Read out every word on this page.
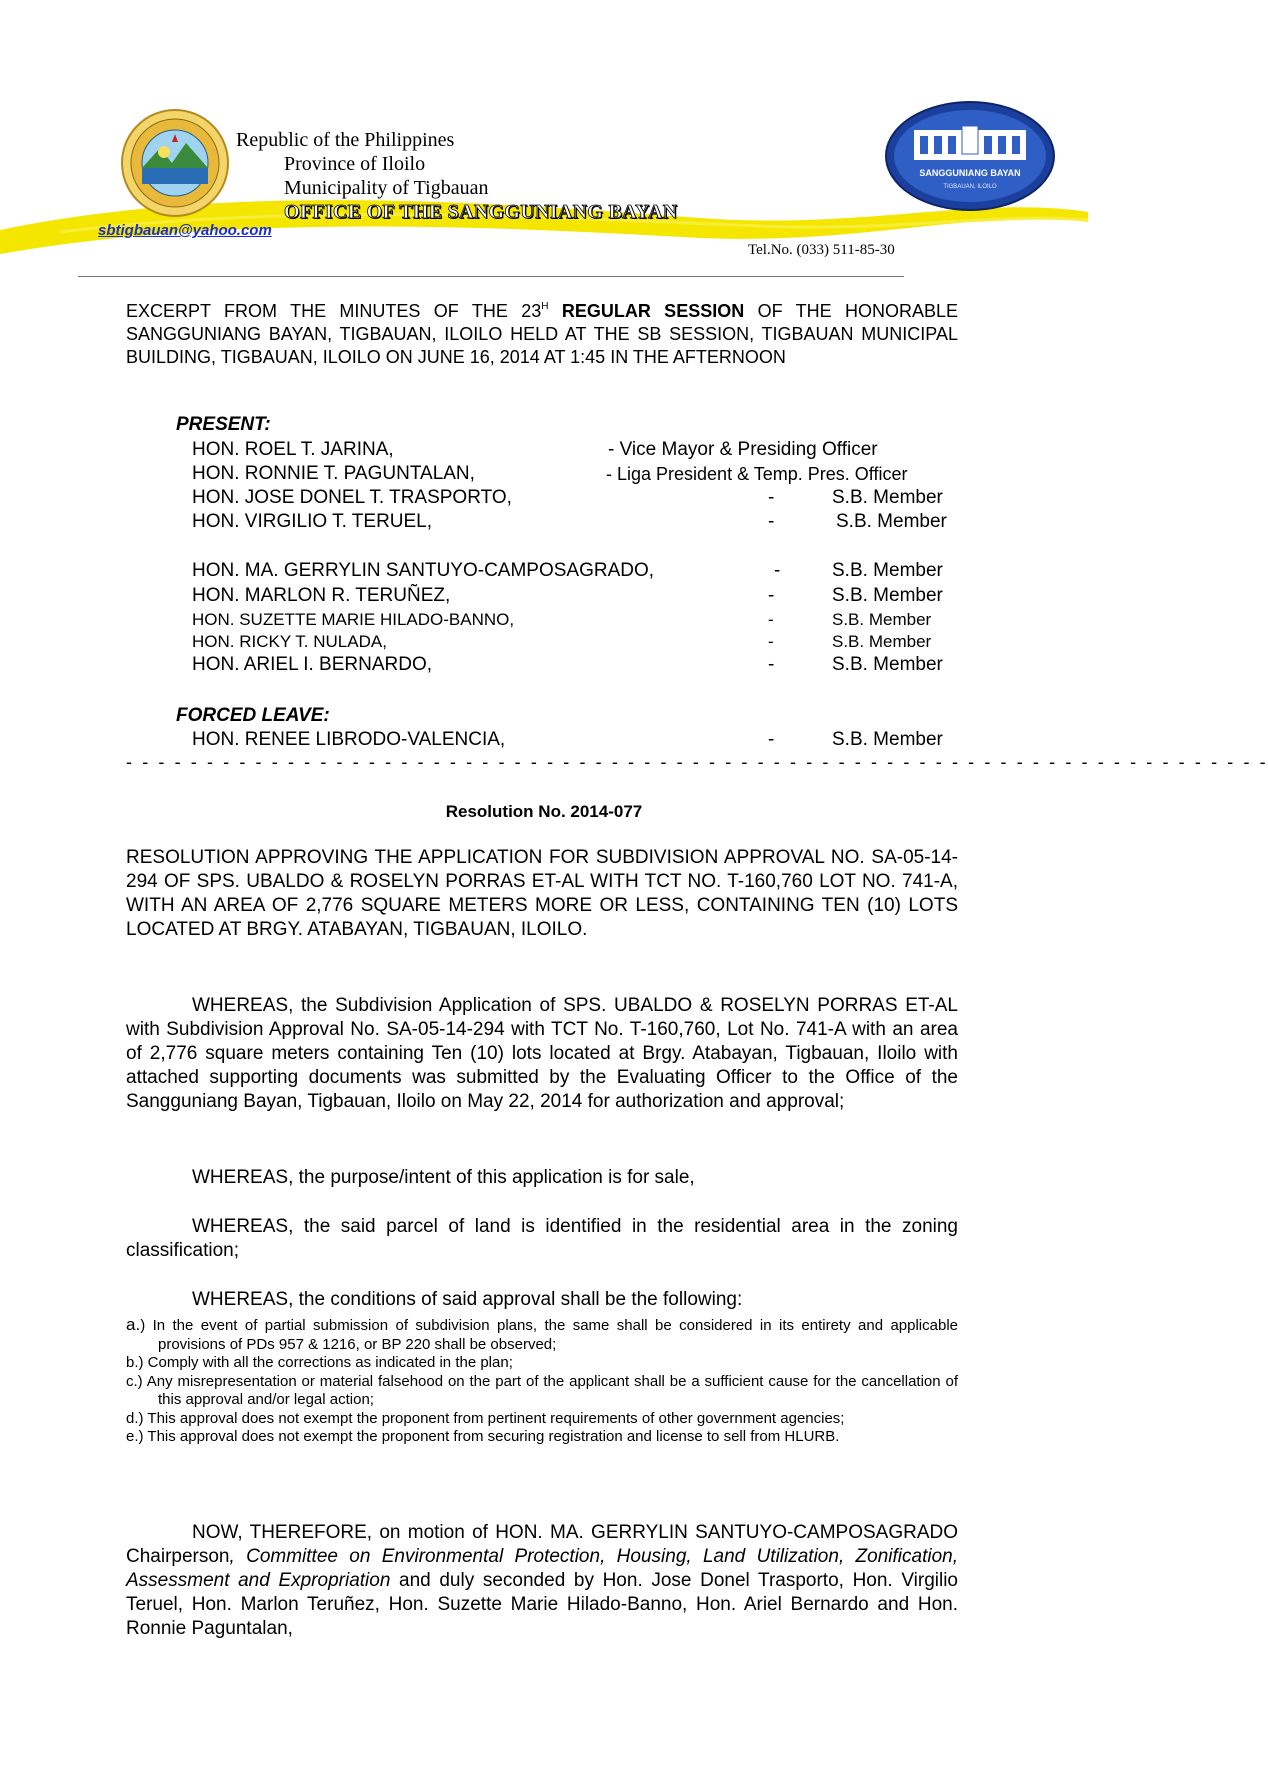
SANGGUNIANG BAYAN
TIGBAUAN, ILOILO

Republic of the Philippines

Province of Iloilo

Municipality of Tigbauan

OFFICE OF THE SANGGUNIANG BAYAN

sbtigbauan@yahoo.com
Tel.No. (033) 511-85-30
EXCERPT FROM THE MINUTES OF THE $23^H$ REGULAR SESSION OF THE HONORABLE SANGGUNIANG BAYAN, TIGBAUAN, ILOILO HELD AT THE SB SESSION, TIGBAUAN MUNICIPAL BUILDING, TIGBAUAN, ILOILO ON JUNE 16, 2014 AT 1:45 IN THE AFTERNOON
PRESENT:
HON. ROEL T. JARINA,	- Vice Mayor & Presiding Officer
HON. RONNIE T. PAGUNTALAN,	- Liga President & Temp. Pres. Officer
HON. JOSE DONEL T. TRASPORTO,	-	S.B. Member
HON. VIRGILIO T. TERUEL,	-	S.B. Member
HON. MA. GERRYLIN SANTUYO-CAMPOSAGRADO,	-	S.B. Member
HON. MARLON R. TERUÑEZ,	-	S.B. Member
HON. SUZETTE MARIE HILADO-BANNO,	-	S.B. Member
HON. RICKY T. NULADA,	-	S.B. Member
HON. ARIEL I. BERNARDO,	-	S.B. Member
FORCED LEAVE:
HON. RENEE LIBRODO-VALENCIA,	-	S.B. Member
- - - - - - - - - - - - - - - - - - - - - - - - - - - - - - - - - - - - - - - - - - - - - - - - - - - - - - - - - - - - - - - - - - - - - - -
Resolution No. 2014-077
RESOLUTION APPROVING THE APPLICATION FOR SUBDIVISION APPROVAL NO. SA-05-14-294 OF SPS. UBALDO & ROSELYN PORRAS ET-AL WITH TCT NO. T-160,760 LOT NO. 741-A, WITH AN AREA OF 2,776 SQUARE METERS MORE OR LESS, CONTAINING TEN (10) LOTS LOCATED AT BRGY. ATABAYAN, TIGBAUAN, ILOILO.
WHEREAS, the Subdivision Application of SPS. UBALDO & ROSELYN PORRAS ET-AL with Subdivision Approval No. SA-05-14-294 with TCT No. T-160,760, Lot No. 741-A with an area of 2,776 square meters containing Ten (10) lots located at Brgy. Atabayan, Tigbauan, Iloilo with attached supporting documents was submitted by the Evaluating Officer to the Office of the Sangguniang Bayan, Tigbauan, Iloilo on May 22, 2014 for authorization and approval;
WHEREAS, the purpose/intent of this application is for sale,
WHEREAS, the said parcel of land is identified in the residential area in the zoning classification;
WHEREAS, the conditions of said approval shall be the following:

a.) In the event of partial submission of subdivision plans, the same shall be considered in its entirety and applicable provisions of PDs 957 & 1216, or BP 220 shall be observed;

b.) Comply with all the corrections as indicated in the plan;

c.) Any misrepresentation or material falsehood on the part of the applicant shall be a sufficient cause for the cancellation of this approval and/or legal action;

d.) This approval does not exempt the proponent from pertinent requirements of other government agencies;

e.) This approval does not exempt the proponent from securing registration and license to sell from HLURB.

NOW, THEREFORE, on motion of HON. MA. GERRYLIN SANTUYO-CAMPOSAGRADO Chairperson, Committee on Environmental Protection, Housing, Land Utilization, Zonification, Assessment and Expropriation and duly seconded by Hon. Jose Donel Trasporto, Hon. Virgilio Teruel, Hon. Marlon Teruñez, Hon. Suzette Marie Hilado-Banno, Hon. Ariel Bernardo and Hon. Ronnie Paguntalan,
